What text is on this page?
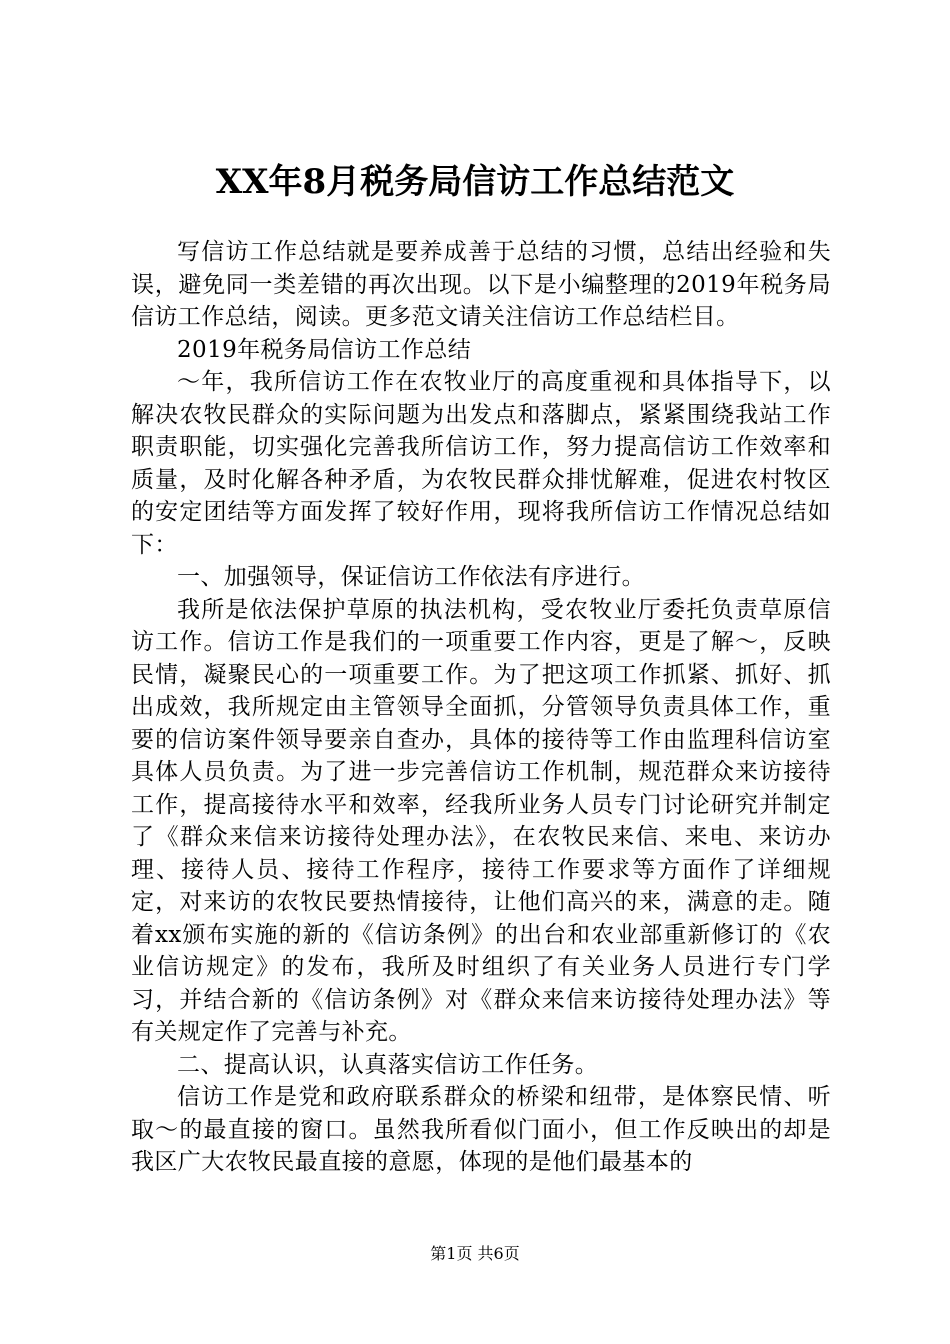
XX年8月税务局信访工作总结范文

写信访工作总结就是要养成善于总结的习惯，总结出经验和失误，避免同一类差错的再次出现。以下是小编整理的2019年税务局信访工作总结，阅读。更多范文请关注信访工作总结栏目。

2019年税务局信访工作总结

～年，我所信访工作在农牧业厅的高度重视和具体指导下，以解决农牧民群众的实际问题为出发点和落脚点，紧紧围绕我站工作职责职能，切实强化完善我所信访工作，努力提高信访工作效率和质量，及时化解各种矛盾，为农牧民群众排忧解难，促进农村牧区的安定团结等方面发挥了较好作用，现将我所信访工作情况总结如下：

一、加强领导，保证信访工作依法有序进行。

我所是依法保护草原的执法机构，受农牧业厅委托负责草原信访工作。信访工作是我们的一项重要工作内容，更是了解～，反映民情，凝聚民心的一项重要工作。为了把这项工作抓紧、抓好、抓出成效，我所规定由主管领导全面抓，分管领导负责具体工作，重要的信访案件领导要亲自查办，具体的接待等工作由监理科信访室具体人员负责。为了进一步完善信访工作机制，规范群众来访接待工作，提高接待水平和效率，经我所业务人员专门讨论研究并制定了《群众来信来访接待处理办法》，在农牧民来信、来电、来访办理、接待人员、接待工作程序，接待工作要求等方面作了详细规定，对来访的农牧民要热情接待，让他们高兴的来，满意的走。随着xx颁布实施的新的《信访条例》的出台和农业部重新修订的《农业信访规定》的发布，我所及时组织了有关业务人员进行专门学习，并结合新的《信访条例》对《群众来信来访接待处理办法》等有关规定作了完善与补充。

二、提高认识，认真落实信访工作任务。

信访工作是党和政府联系群众的桥梁和纽带，是体察民情、听取～的最直接的窗口。虽然我所看似门面小，但工作反映出的却是我区广大农牧民最直接的意愿，体现的是他们最基本的

第1页 共6页
